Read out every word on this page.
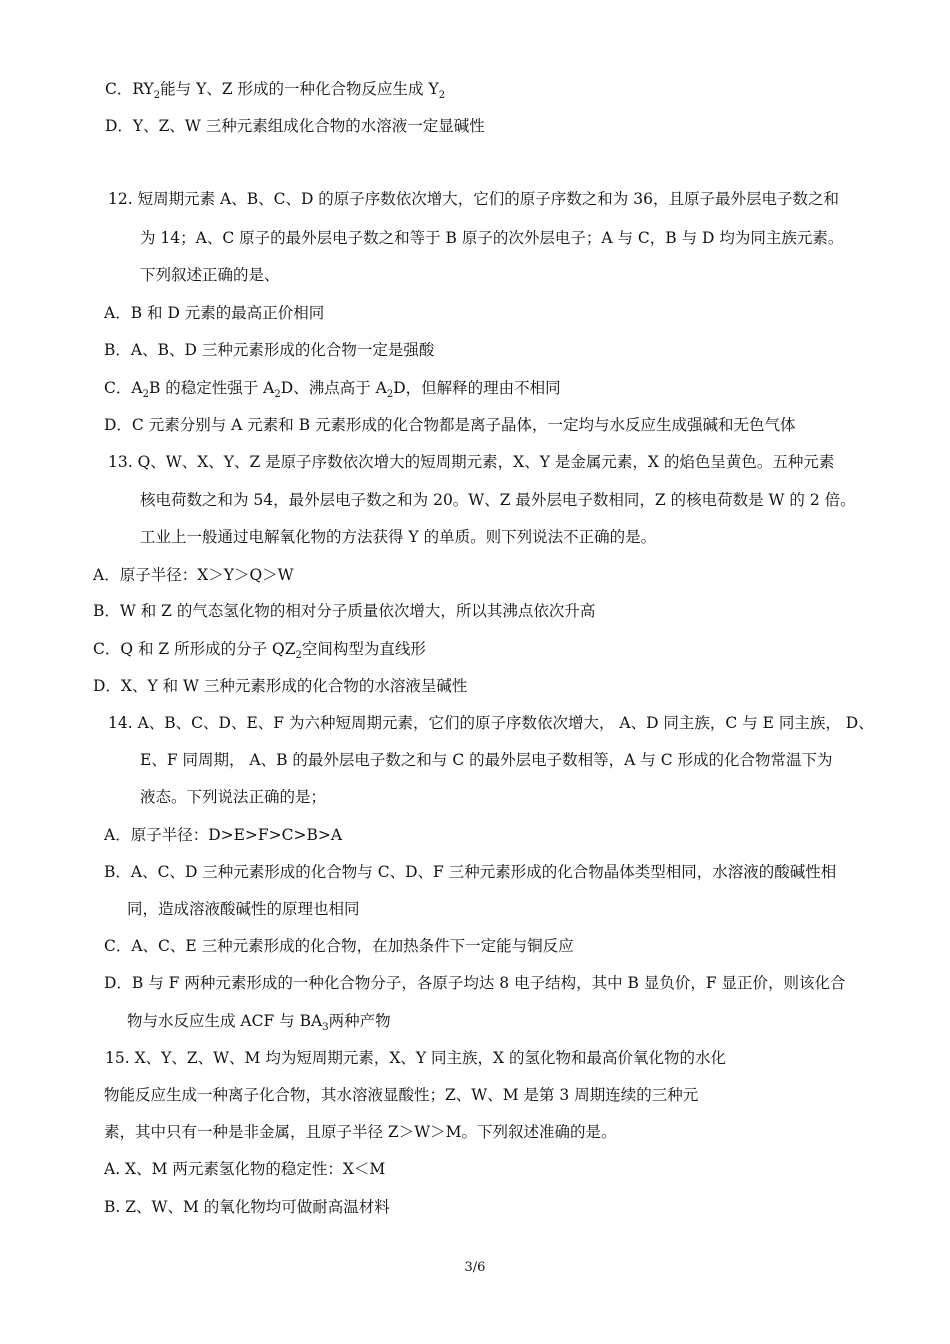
C．$RY_2$能与 Y、Z 形成的一种化合物反应生成 $Y_2$
D．Y、Z、W 三种元素组成化合物的水溶液一定显碱性
12. 短周期元素 A、B、C、D 的原子序数依次增大，它们的原子序数之和为 36，且原子最外层电子数之和
为 14；A、C 原子的最外层电子数之和等于 B 原子的次外层电子；A 与 C，B 与 D 均为同主族元素。
下列叙述正确的是、
A．B 和 D 元素的最高正价相同
B．A、B、D 三种元素形成的化合物一定是强酸
C．$A_2B$ 的稳定性强于 $A_2D$、沸点高于 $A_2D$，但解释的理由不相同
D．C 元素分别与 A 元素和 B 元素形成的化合物都是离子晶体，一定均与水反应生成强碱和无色气体
13. Q、W、X、Y、Z 是原子序数依次增大的短周期元素，X、Y 是金属元素，X 的焰色呈黄色。五种元素
核电荷数之和为 54，最外层电子数之和为 20。W、Z 最外层电子数相同，Z 的核电荷数是 W 的 2 倍。
工业上一般通过电解氧化物的方法获得 Y 的单质。则下列说法不正确的是。
A．原子半径：X＞Y＞Q＞W
B．W 和 Z 的气态氢化物的相对分子质量依次增大，所以其沸点依次升高
C．Q 和 Z 所形成的分子 $QZ_2$空间构型为直线形
D．X、Y 和 W 三种元素形成的化合物的水溶液呈碱性
14. A、B、C、D、E、F 为六种短周期元素，它们的原子序数依次增大， A、D 同主族，C 与 E 同主族， D、
E、F 同周期， A、B 的最外层电子数之和与 C 的最外层电子数相等，A 与 C 形成的化合物常温下为
液态。下列说法正确的是；
A．原子半径：D>E>F>C>B>A
B．A、C、D 三种元素形成的化合物与 C、D、F 三种元素形成的化合物晶体类型相同，水溶液的酸碱性相
同，造成溶液酸碱性的原理也相同
C．A、C、E 三种元素形成的化合物，在加热条件下一定能与铜反应
D．B 与 F 两种元素形成的一种化合物分子，各原子均达 8 电子结构，其中 B 显负价，F 显正价，则该化合
物与水反应生成 ACF 与 $BA_3$两种产物
15. X、Y、Z、W、M 均为短周期元素，X、Y 同主族，X 的氢化物和最高价氧化物的水化
物能反应生成一种离子化合物，其水溶液显酸性；Z、W、M 是第 3 周期连续的三种元
素，其中只有一种是非金属，且原子半径 Z＞W＞M。下列叙述准确的是。
A. X、M 两元素氢化物的稳定性：X＜M
B. Z、W、M 的氧化物均可做耐高温材料
3/6
